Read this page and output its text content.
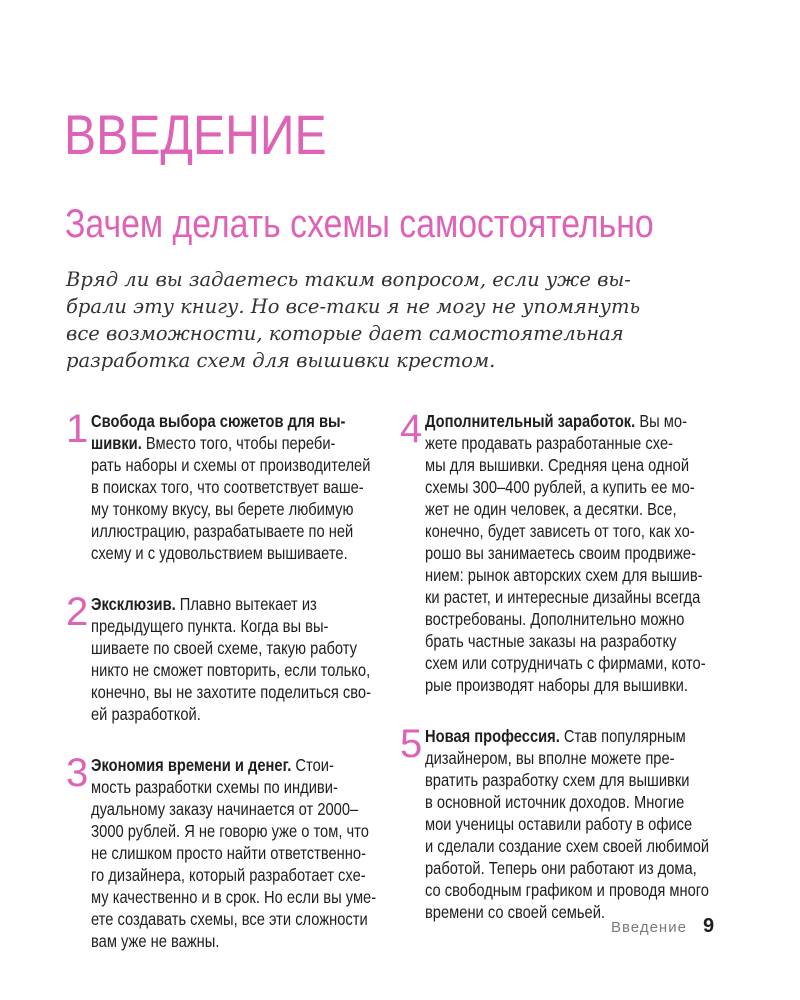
ВВЕДЕНИЕ
Зачем делать схемы самостоятельно
Вряд ли вы задаетесь таким вопросом, если уже вы-
брали эту книгу. Но все-таки я не могу не упомянуть
все возможности, которые дает самостоятельная
разработка схем для вышивки крестом.
1 Свобода выбора сюжетов для вы-
шивки. Вместо того, чтобы переби-
рать наборы и схемы от производителей
в поисках того, что соответствует ваше-
му тонкому вкусу, вы берете любимую
иллюстрацию, разрабатываете по ней
схему и с удовольствием вышиваете.
2 Эксклюзив. Плавно вытекает из
предыдущего пункта. Когда вы вы-
шиваете по своей схеме, такую работу
никто не сможет повторить, если только,
конечно, вы не захотите поделиться сво-
ей разработкой.
3 Экономия времени и денег. Стои-
мость разработки схемы по индиви-
дуальному заказу начинается от 2000–
3000 рублей. Я не говорю уже о том, что
не слишком просто найти ответственно-
го дизайнера, который разработает схе-
му качественно и в срок. Но если вы уме-
ете создавать схемы, все эти сложности
вам уже не важны.
4 Дополнительный заработок. Вы мо-
жете продавать разработанные схе-
мы для вышивки. Средняя цена одной
схемы 300–400 рублей, а купить ее мо-
жет не один человек, а десятки. Все,
конечно, будет зависеть от того, как хо-
рошо вы занимаетесь своим продвиже-
нием: рынок авторских схем для вышив-
ки растет, и интересные дизайны всегда
востребованы. Дополнительно можно
брать частные заказы на разработку
схем или сотрудничать с фирмами, кото-
рые производят наборы для вышивки.
5 Новая профессия. Став популярным
дизайнером, вы вполне можете пре-
вратить разработку схем для вышивки
в основной источник доходов. Многие
мои ученицы оставили работу в офисе
и сделали создание схем своей любимой
работой. Теперь они работают из дома,
со свободным графиком и проводя много
времени со своей семьей.
Введение 9
